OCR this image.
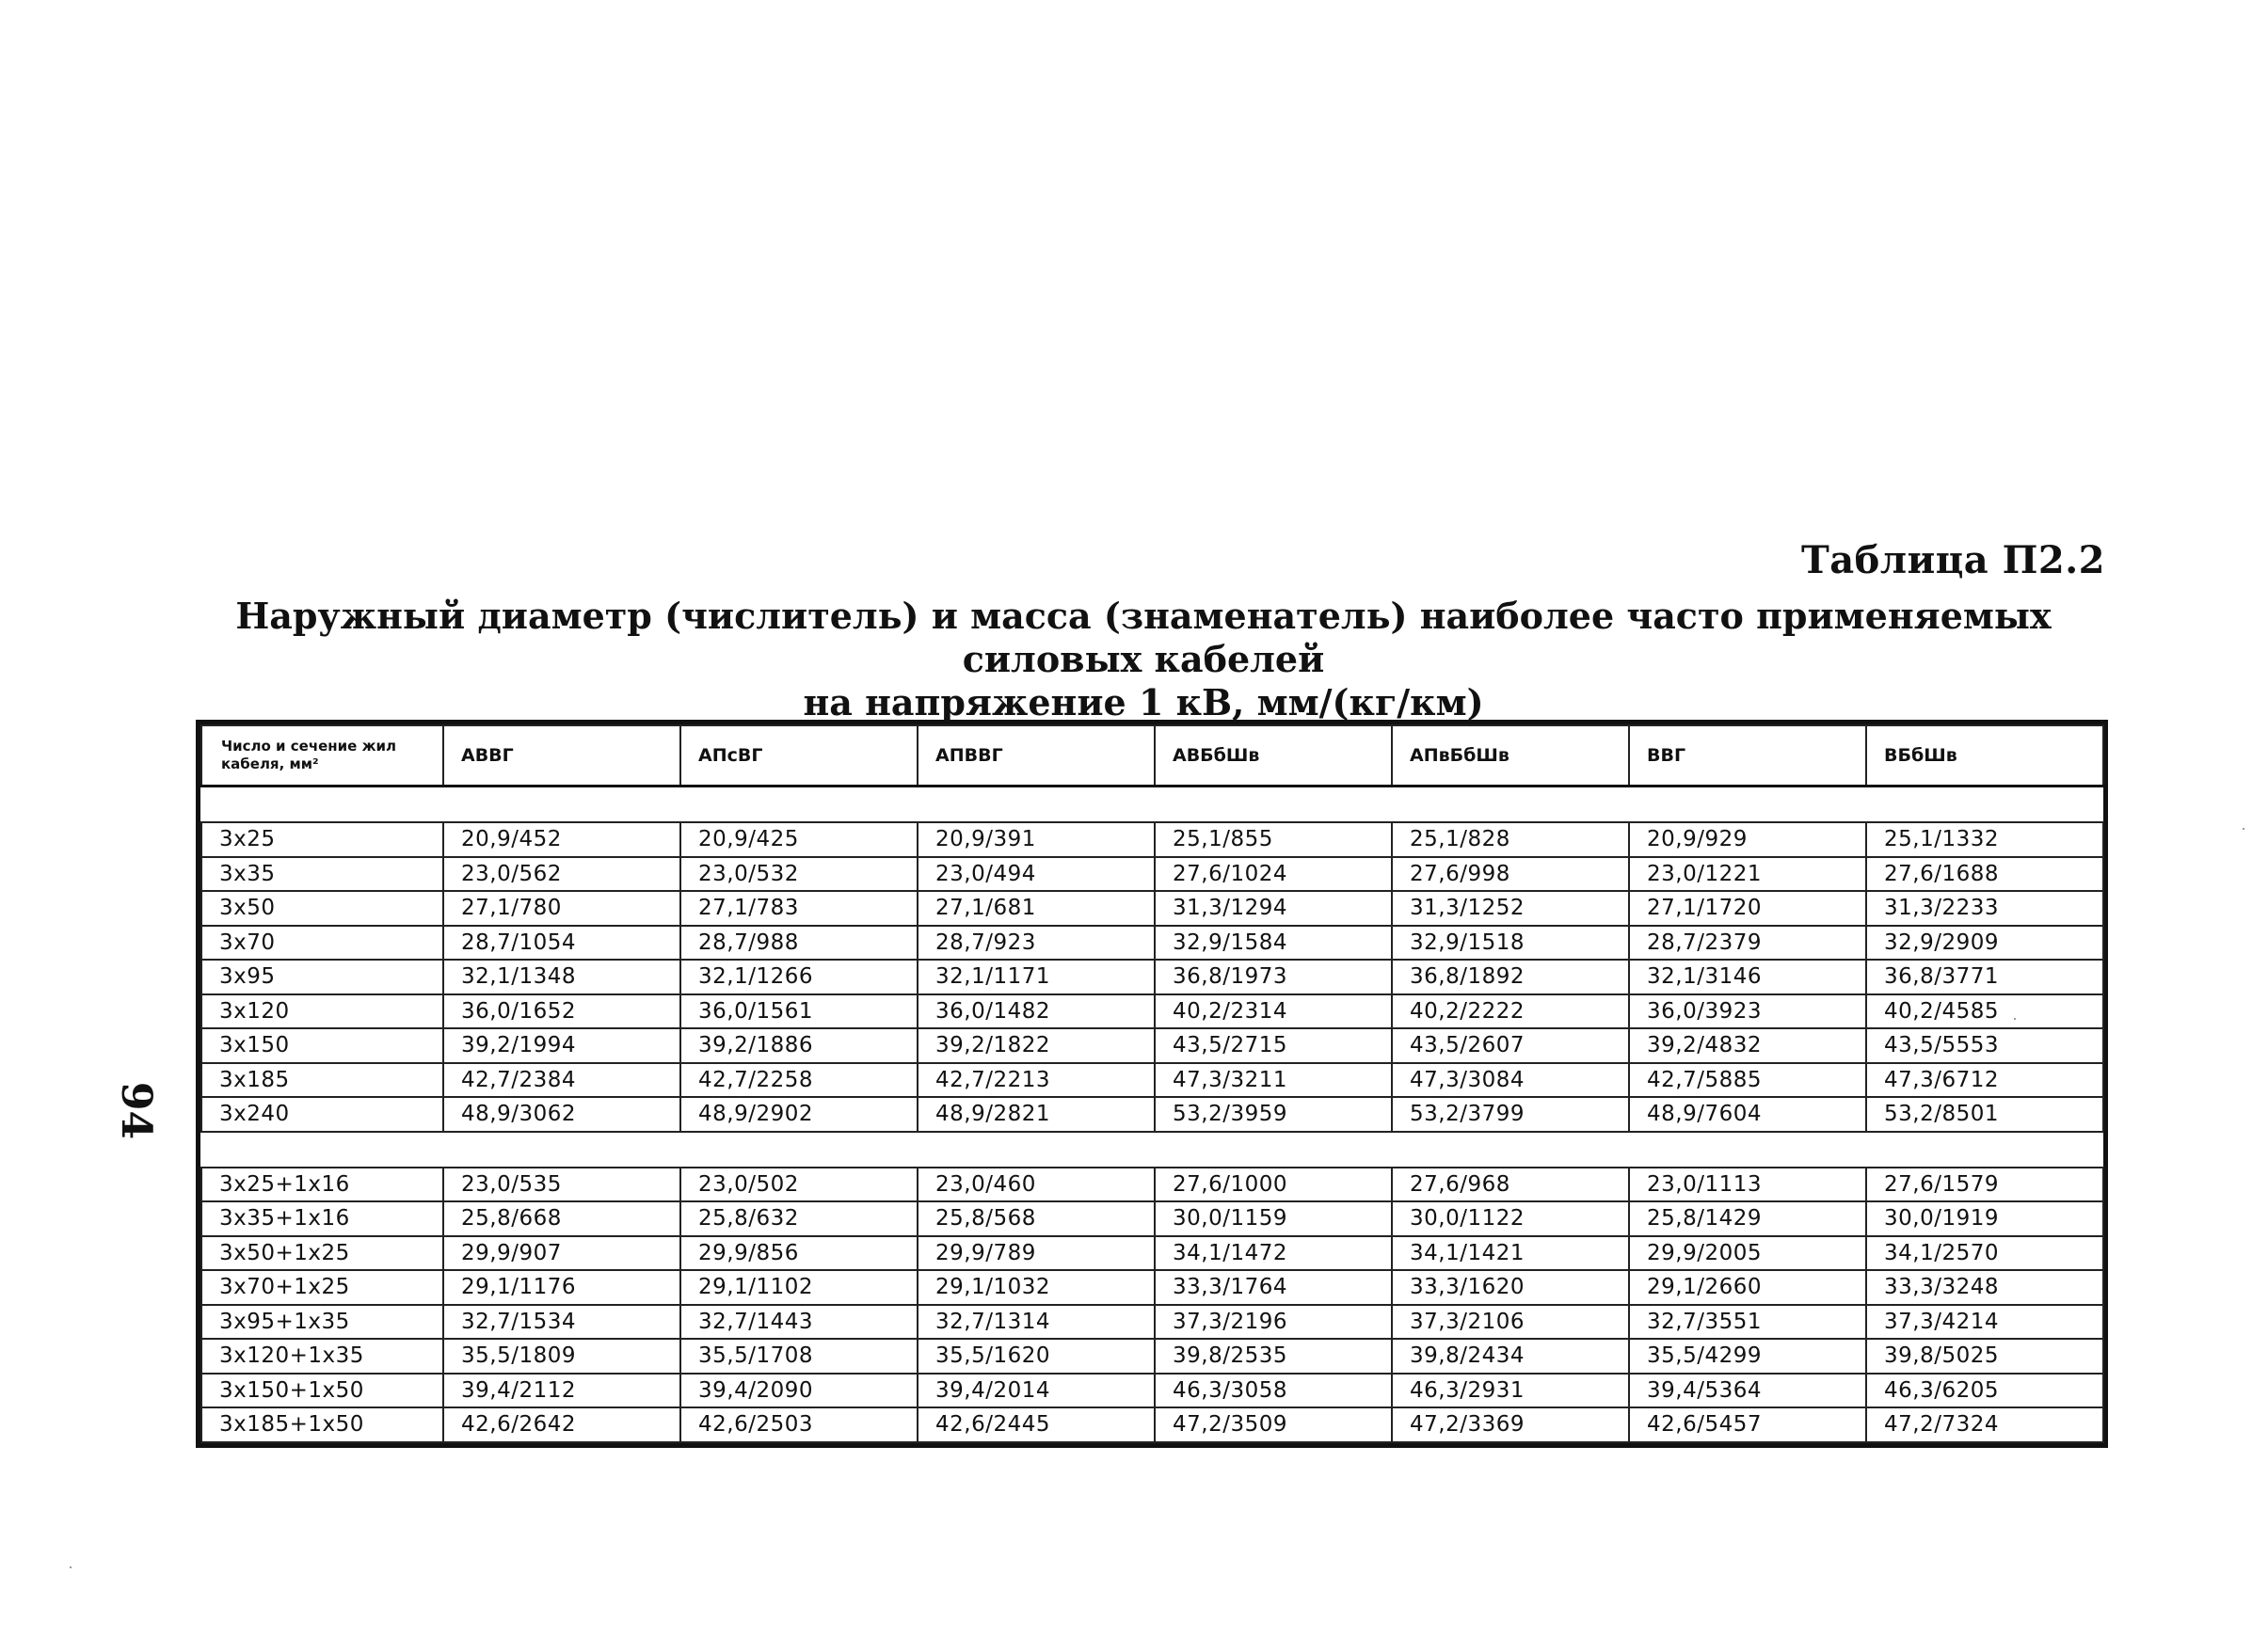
Таблица П2.2
Наружный диаметр (числитель) и масса (знаменатель) наиболее часто применяемых силовых кабелей
на напряжение 1 кВ, мм/(кг/км)
94
Число и сечение жил кабеля, мм²	АВВГ	АПсВГ	АПВВГ	АВБбШв	АПвБбШв	ВВГ	ВБбШв

3x25	20,9/452	20,9/425	20,9/391	25,1/855	25,1/828	20,9/929	25,1/1332
3x35	23,0/562	23,0/532	23,0/494	27,6/1024	27,6/998	23,0/1221	27,6/1688
3x50	27,1/780	27,1/783	27,1/681	31,3/1294	31,3/1252	27,1/1720	31,3/2233
3x70	28,7/1054	28,7/988	28,7/923	32,9/1584	32,9/1518	28,7/2379	32,9/2909
3x95	32,1/1348	32,1/1266	32,1/1171	36,8/1973	36,8/1892	32,1/3146	36,8/3771
3x120	36,0/1652	36,0/1561	36,0/1482	40,2/2314	40,2/2222	36,0/3923	40,2/4585
3x150	39,2/1994	39,2/1886	39,2/1822	43,5/2715	43,5/2607	39,2/4832	43,5/5553
3x185	42,7/2384	42,7/2258	42,7/2213	47,3/3211	47,3/3084	42,7/5885	47,3/6712
3x240	48,9/3062	48,9/2902	48,9/2821	53,2/3959	53,2/3799	48,9/7604	53,2/8501

3x25+1x16	23,0/535	23,0/502	23,0/460	27,6/1000	27,6/968	23,0/1113	27,6/1579
3x35+1x16	25,8/668	25,8/632	25,8/568	30,0/1159	30,0/1122	25,8/1429	30,0/1919
3x50+1x25	29,9/907	29,9/856	29,9/789	34,1/1472	34,1/1421	29,9/2005	34,1/2570
3x70+1x25	29,1/1176	29,1/1102	29,1/1032	33,3/1764	33,3/1620	29,1/2660	33,3/3248
3x95+1x35	32,7/1534	32,7/1443	32,7/1314	37,3/2196	37,3/2106	32,7/3551	37,3/4214
3x120+1x35	35,5/1809	35,5/1708	35,5/1620	39,8/2535	39,8/2434	35,5/4299	39,8/5025
3x150+1x50	39,4/2112	39,4/2090	39,4/2014	46,3/3058	46,3/2931	39,4/5364	46,3/6205
3x185+1x50	42,6/2642	42,6/2503	42,6/2445	47,2/3509	47,2/3369	42,6/5457	47,2/7324
